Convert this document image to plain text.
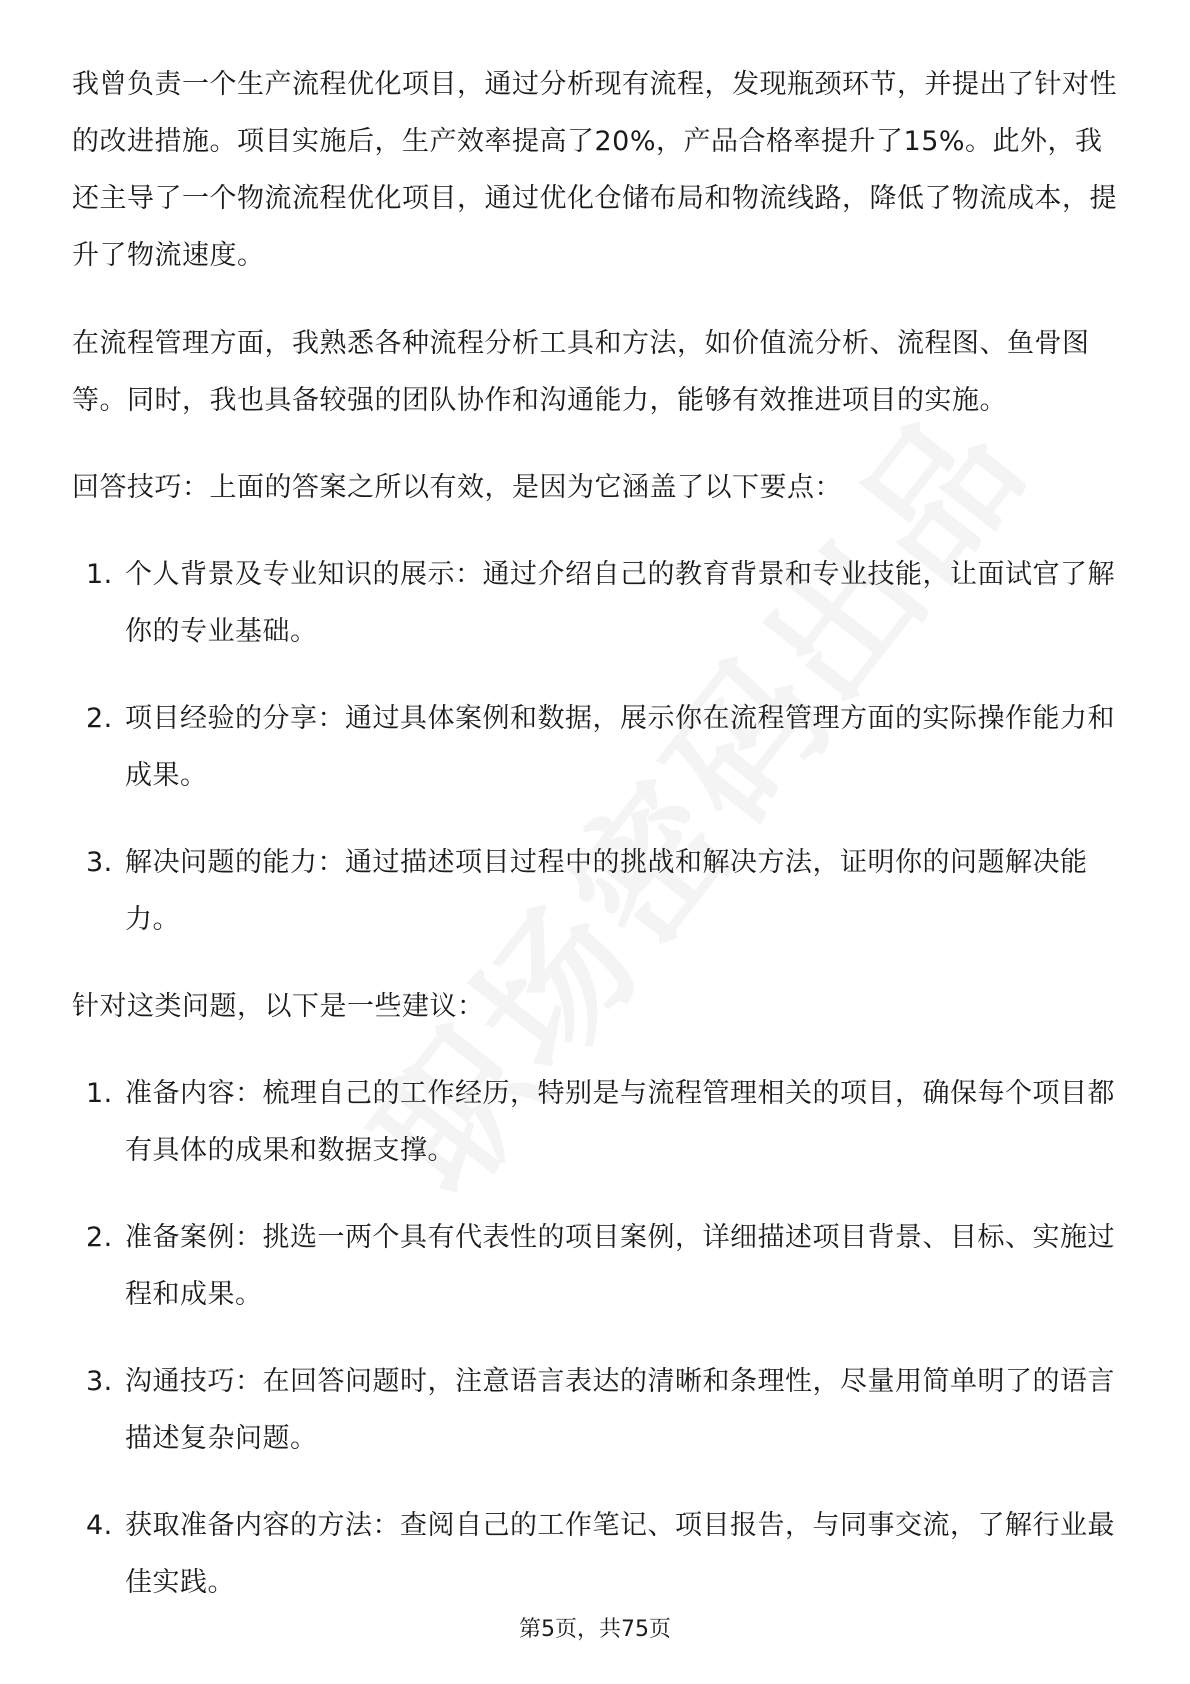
我曾负责一个生产流程优化项目，通过分析现有流程，发现瓶颈环节，并提出了针对性的改进措施。项目实施后，生产效率提高了20%，产品合格率提升了15%。此外，我还主导了一个物流流程优化项目，通过优化仓储布局和物流线路，降低了物流成本，提升了物流速度。

在流程管理方面，我熟悉各种流程分析工具和方法，如价值流分析、流程图、鱼骨图等。同时，我也具备较强的团队协作和沟通能力，能够有效推进项目的实施。

回答技巧：上面的答案之所以有效，是因为它涵盖了以下要点：

1. 个人背景及专业知识的展示：通过介绍自己的教育背景和专业技能，让面试官了解你的专业基础。
2. 项目经验的分享：通过具体案例和数据，展示你在流程管理方面的实际操作能力和成果。
3. 解决问题的能力：通过描述项目过程中的挑战和解决方法，证明你的问题解决能力。

针对这类问题，以下是一些建议：

1. 准备内容：梳理自己的工作经历，特别是与流程管理相关的项目，确保每个项目都有具体的成果和数据支撑。
2. 准备案例：挑选一两个具有代表性的项目案例，详细描述项目背景、目标、实施过程和成果。
3. 沟通技巧：在回答问题时，注意语言表达的清晰和条理性，尽量用简单明了的语言描述复杂问题。
4. 获取准备内容的方法：查阅自己的工作笔记、项目报告，与同事交流，了解行业最佳实践。
第5页，共75页
